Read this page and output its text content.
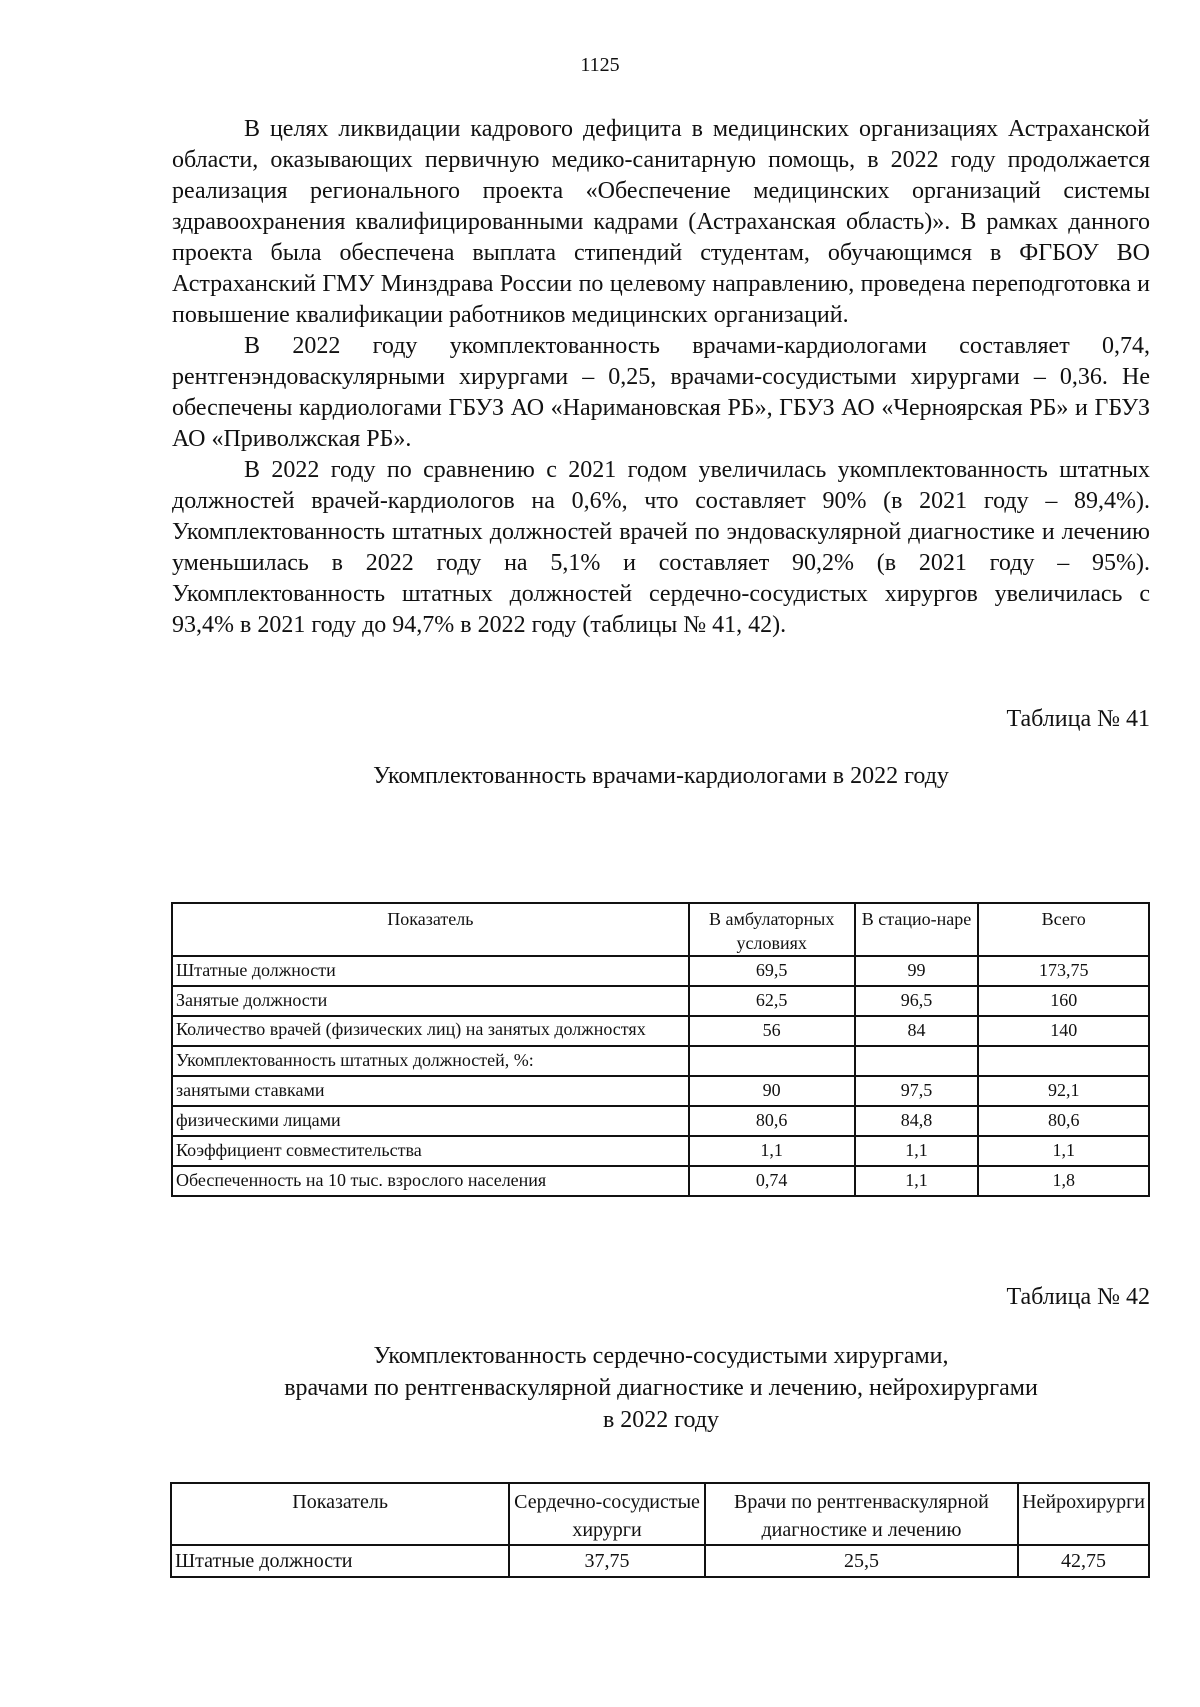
1125

В целях ликвидации кадрового дефицита в медицинских организациях Астраханской области, оказывающих первичную медико-санитарную помощь, в 2022 году продолжается реализация регионального проекта «Обеспечение медицинских организаций системы здравоохранения квалифицированными кадрами (Астраханская область)». В рамках данного проекта была обеспечена выплата стипендий студентам, обучающимся в ФГБОУ ВО Астраханский ГМУ Минздрава России по целевому направлению, проведена переподготовка и повышение квалификации работников медицинских организаций.

В 2022 году укомплектованность врачами-кардиологами составляет 0,74, рентгенэндоваскулярными хирургами – 0,25, врачами-сосудистыми хирургами – 0,36. Не обеспечены кардиологами ГБУЗ АО «Наримановская РБ», ГБУЗ АО «Черноярская РБ» и ГБУЗ АО «Приволжская РБ».

В 2022 году по сравнению с 2021 годом увеличилась укомплектованность штатных должностей врачей-кардиологов на 0,6%, что составляет 90% (в 2021 году – 89,4%). Укомплектованность штатных должностей врачей по эндоваскулярной диагностике и лечению уменьшилась в 2022 году на 5,1% и составляет 90,2% (в 2021 году – 95%). Укомплектованность штатных должностей сердечно-сосудистых хирургов увеличилась с 93,4% в 2021 году до 94,7% в 2022 году (таблицы № 41, 42).

Таблица № 41
Укомплектованность врачами-кардиологами в 2022 году
Показатель	В амбулаторных условиях	В стацио-наре	Всего
Штатные должности	69,5	99	173,75
Занятые должности	62,5	96,5	160
Количество врачей (физических лиц) на занятых должностях	56	84	140
Укомплектованность штатных должностей, %:			
занятыми ставками	90	97,5	92,1
физическими лицами	80,6	84,8	80,6
Коэффициент совместительства	1,1	1,1	1,1
Обеспеченность на 10 тыс. взрослого населения	0,74	1,1	1,8
Таблица № 42
Укомплектованность сердечно-сосудистыми хирургами,
врачами по рентгенваскулярной диагностике и лечению, нейрохирургами
в 2022 году
Показатель	Сердечно-сосудистые хирурги	Врачи по рентгенваскулярной диагностике и лечению	Нейрохирурги
Штатные должности	37,75	25,5	42,75
